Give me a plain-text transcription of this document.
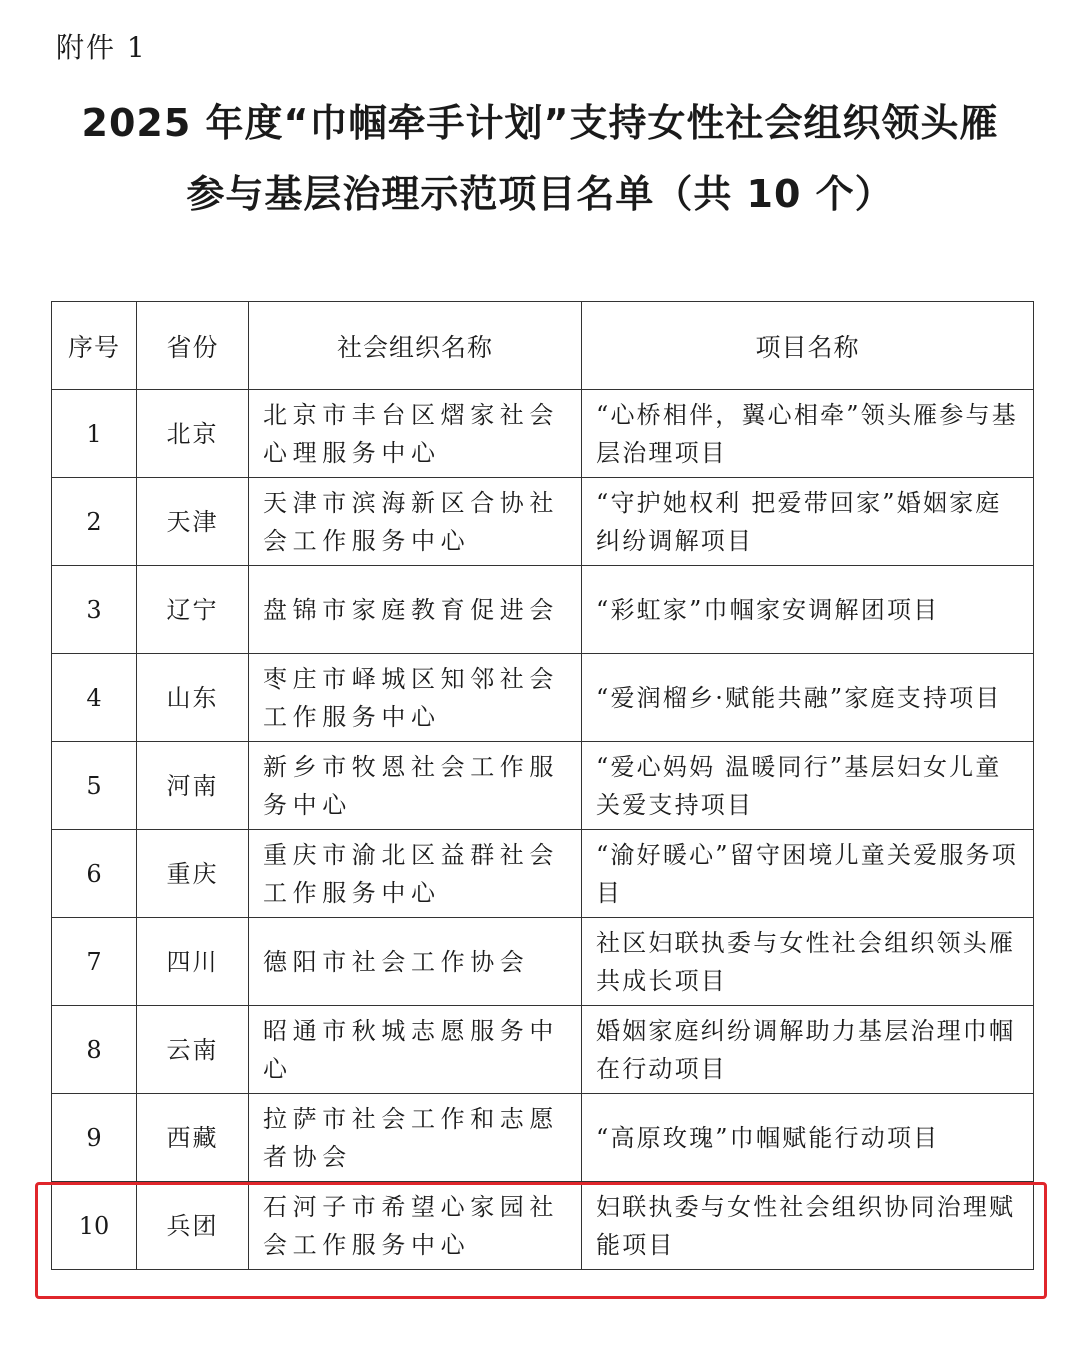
附件 1
2025 年度“巾帼牵手计划”支持女性社会组织领头雁
参与基层治理示范项目名单（共 10 个）
序号	省份	社会组织名称	项目名称
1	北京	北京市丰台区熠家社会心理服务中心	“心桥相伴，翼心相牵”领头雁参与基层治理项目

2	天津	天津市滨海新区合协社会工作服务中心	“守护她权利 把爱带回家”婚姻家庭纠纷调解项目

3	辽宁	盘锦市家庭教育促进会	“彩虹家”巾帼家安调解团项目

4	山东	枣庄市峄城区知邻社会工作服务中心	“爱润榴乡·赋能共融”家庭支持项目

5	河南	新乡市牧恩社会工作服务中心	“爱心妈妈 温暖同行”基层妇女儿童关爱支持项目

6	重庆	重庆市渝北区益群社会工作服务中心	“渝好暖心”留守困境儿童关爱服务项目

7	四川	德阳市社会工作协会	社区妇联执委与女性社会组织领头雁共成长项目

8	云南	昭通市秋城志愿服务中心	婚姻家庭纠纷调解助力基层治理巾帼在行动项目

9	西藏	拉萨市社会工作和志愿者协会	“高原玫瑰”巾帼赋能行动项目

10	兵团	石河子市希望心家园社会工作服务中心	妇联执委与女性社会组织协同治理赋能项目
